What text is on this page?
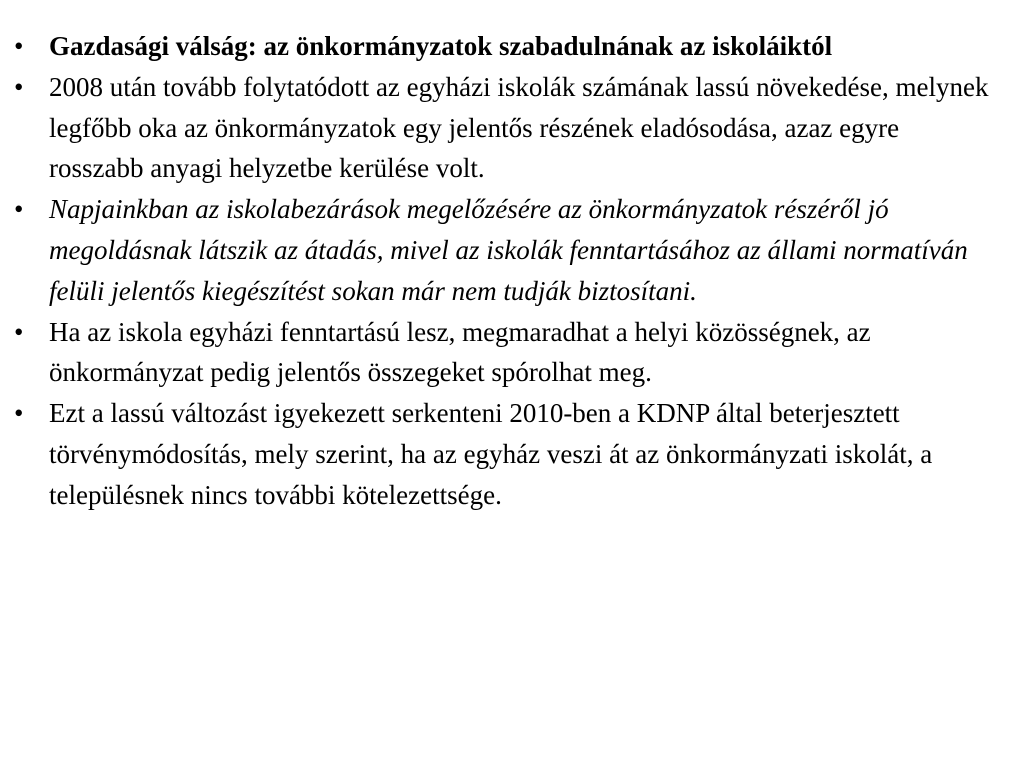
• Gazdasági válság: az önkormányzatok szabadulnának az iskoláiktól
• 2008 után tovább folytatódott az egyházi iskolák számának lassú növekedése, melynek legfőbb oka az önkormányzatok egy jelentős részének eladósodása, azaz egyre rosszabb anyagi helyzetbe kerülése volt.
• Napjainkban az iskolabezárások megelőzésére az önkormányzatok részéről jó megoldásnak látszik az átadás, mivel az iskolák fenntartásához az állami normatíván felüli jelentős kiegészítést sokan már nem tudják biztosítani.
• Ha az iskola egyházi fenntartású lesz, megmaradhat a helyi közösségnek, az önkormányzat pedig jelentős összegeket spórolhat meg.
• Ezt a lassú változást igyekezett serkenteni 2010-ben a KDNP által beterjesztett törvénymódosítás, mely szerint, ha az egyház veszi át az önkormányzati iskolát, a településnek nincs további kötelezettsége.
